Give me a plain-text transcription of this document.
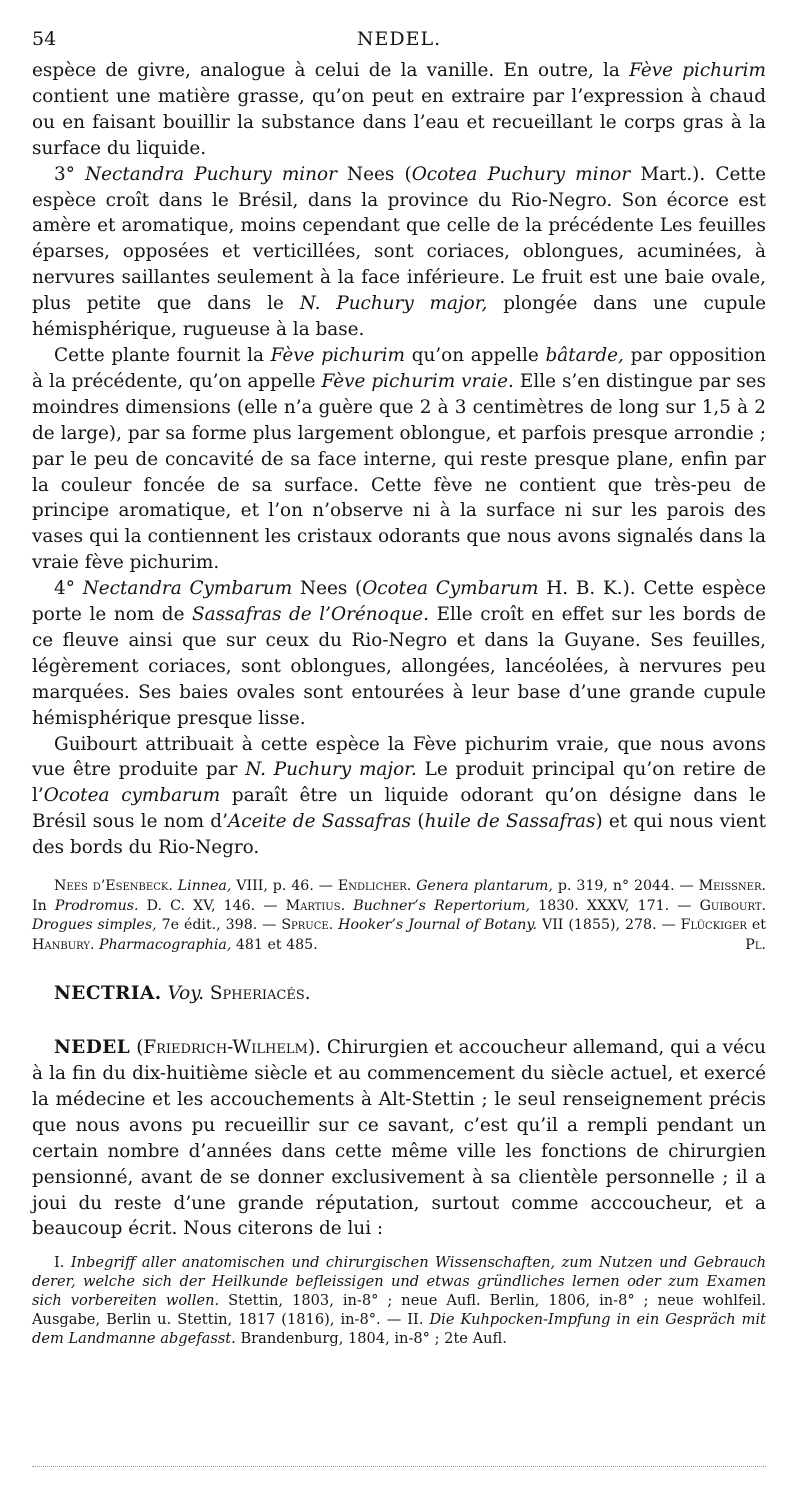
54	NEDEL.

espèce de givre, analogue à celui de la vanille. En outre, la Fève pichurim contient une matière grasse, qu’on peut en extraire par l’expression à chaud ou en faisant bouillir la substance dans l’eau et recueillant le corps gras à la surface du liquide.

3° Nectandra Puchury minor Nees (Ocotea Puchury minor Mart.). Cette espèce croît dans le Brésil, dans la province du Rio-Negro. Son écorce est amère et aromatique, moins cependant que celle de la précédente Les feuilles éparses, opposées et verticillées, sont coriaces, oblongues, acuminées, à nervures saillantes seulement à la face inférieure. Le fruit est une baie ovale, plus petite que dans le N. Puchury major, plongée dans une cupule hémisphérique, rugueuse à la base.

Cette plante fournit la Fève pichurim qu’on appelle bâtarde, par opposition à la précédente, qu’on appelle Fève pichurim vraie. Elle s’en distingue par ses moindres dimensions (elle n’a guère que 2 à 3 centimètres de long sur 1,5 à 2 de large), par sa forme plus largement oblongue, et parfois presque arrondie ; par le peu de concavité de sa face interne, qui reste presque plane, enfin par la couleur foncée de sa surface. Cette fève ne contient que très-peu de principe aromatique, et l’on n’observe ni à la surface ni sur les parois des vases qui la contiennent les cristaux odorants que nous avons signalés dans la vraie fève pichurim.

4° Nectandra Cymbarum Nees (Ocotea Cymbarum H. B. K.). Cette espèce porte le nom de Sassafras de l’Orénoque. Elle croît en effet sur les bords de ce fleuve ainsi que sur ceux du Rio-Negro et dans la Guyane. Ses feuilles, légèrement coriaces, sont oblongues, allongées, lancéolées, à nervures peu marquées. Ses baies ovales sont entourées à leur base d’une grande cupule hémisphérique presque lisse.

Guibourt attribuait à cette espèce la Fève pichurim vraie, que nous avons vue être produite par N. Puchury major. Le produit principal qu’on retire de l’Ocotea cymbarum paraît être un liquide odorant qu’on désigne dans le Brésil sous le nom d’Aceite de Sassafras (huile de Sassafras) et qui nous vient des bords du Rio-Negro.

Nees d’Esenbeck. Linnea, VIII, p. 46. — Endlicher. Genera plantarum, p. 319, n° 2044. — Meissner. In Prodromus. D. C. XV, 146. — Martius. Buchner’s Repertorium, 1830. XXXV, 171. — Guibourt. Drogues simples, 7e édit., 398. — Spruce. Hooker’s Journal of Botany. VII (1855), 278. — Flückiger et Hanbury. Pharmacographia, 481 et 485.	Pl.

NECTRIA. Voy. Spheriacés.

NEDEL (Friedrich-Wilhelm). Chirurgien et accoucheur allemand, qui a vécu à la fin du dix-huitième siècle et au commencement du siècle actuel, et exercé la médecine et les accouchements à Alt-Stettin ; le seul renseignement précis que nous avons pu recueillir sur ce savant, c’est qu’il a rempli pendant un certain nombre d’années dans cette même ville les fonctions de chirurgien pensionné, avant de se donner exclusivement à sa clientèle personnelle ; il a joui du reste d’une grande réputation, surtout comme acccoucheur, et a beaucoup écrit. Nous citerons de lui :

I. Inbegriff aller anatomischen und chirurgischen Wissenschaften, zum Nutzen und Gebrauch derer, welche sich der Heilkunde befleissigen und etwas gründliches lernen oder zum Examen sich vorbereiten wollen. Stettin, 1803, in-8° ; neue Aufl. Berlin, 1806, in-8° ; neue wohlfeil. Ausgabe, Berlin u. Stettin, 1817 (1816), in-8°. — II. Die Kuhpocken-Impfung in ein Gespräch mit dem Landmanne abgefasst. Brandenburg, 1804, in-8° ; 2te Aufl.
